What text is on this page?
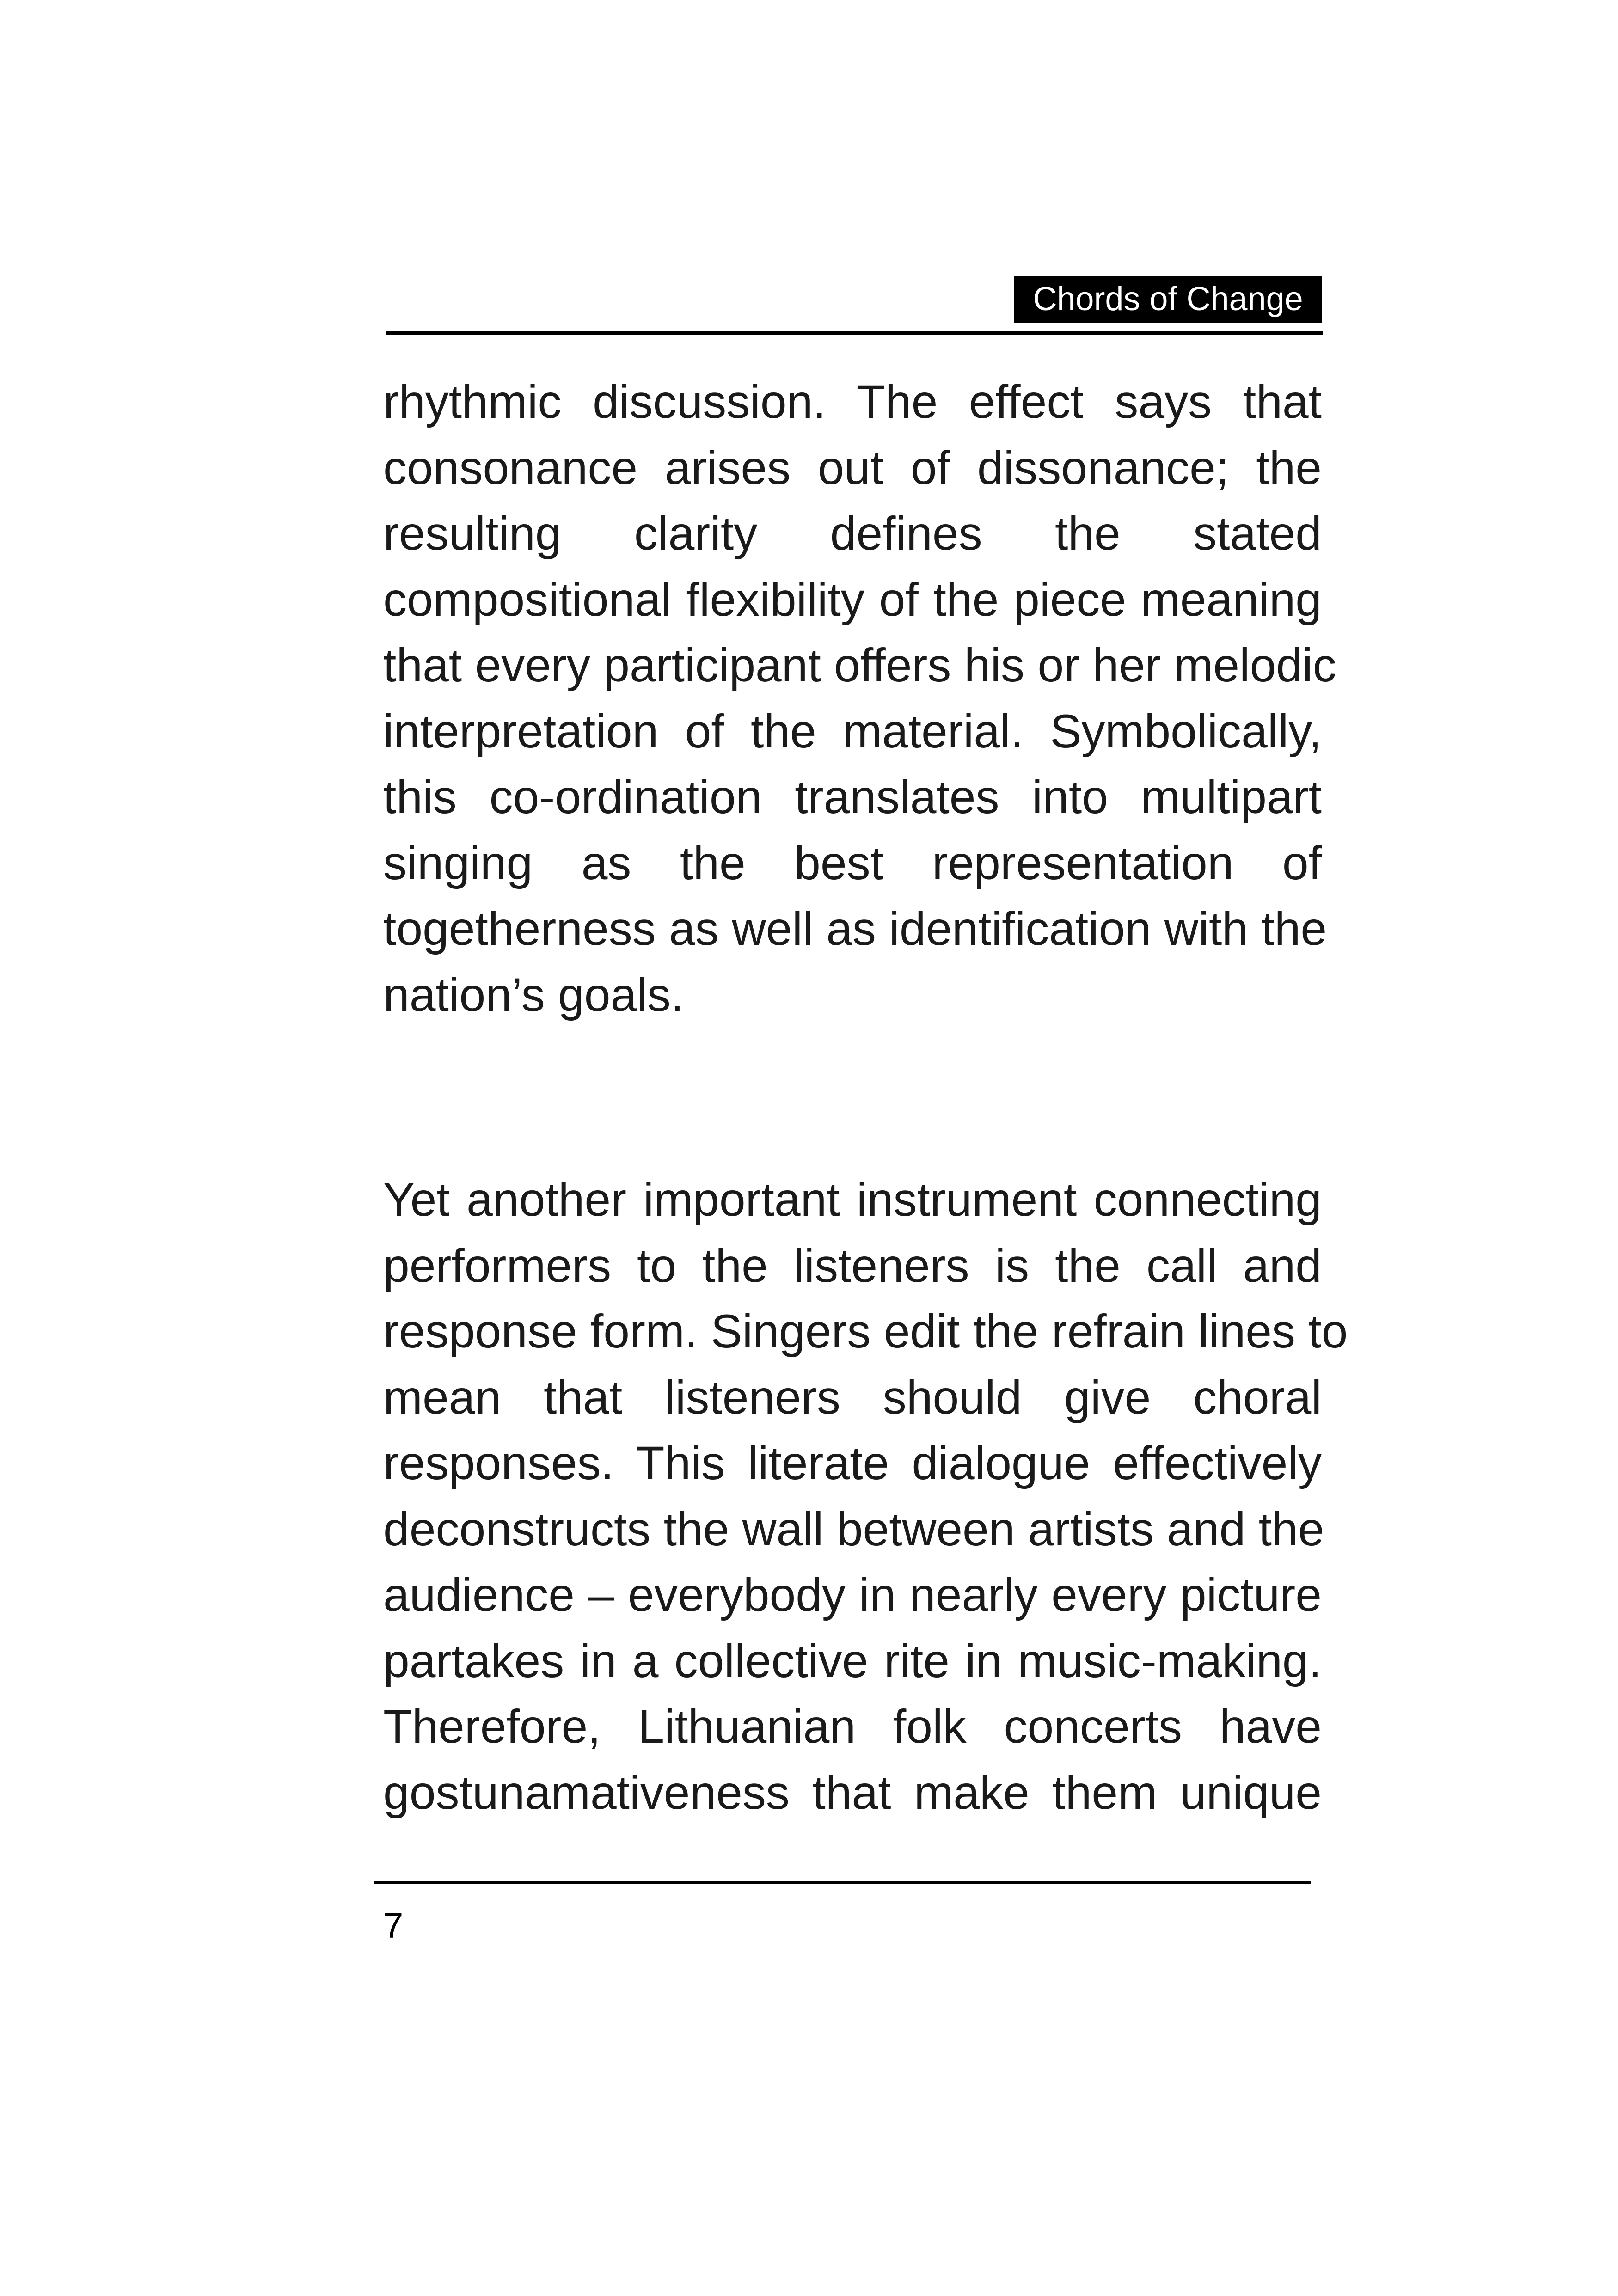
Chords of Change
rhythmic discussion. The effect says that
consonance arises out of dissonance; the
resulting clarity defines the stated
compositional flexibility of the piece meaning
that every participant offers his or her melodic
interpretation of the material. Symbolically,
this co-ordination translates into multipart
singing as the best representation of
togetherness as well as identification with the
nation’s goals.
Yet another important instrument connecting
performers to the listeners is the call and
response form. Singers edit the refrain lines to
mean that listeners should give choral
responses. This literate dialogue effectively
deconstructs the wall between artists and the
audience – everybody in nearly every picture
partakes in a collective rite in music-making.
Therefore, Lithuanian folk concerts have
gostunamativeness that make them unique
7
